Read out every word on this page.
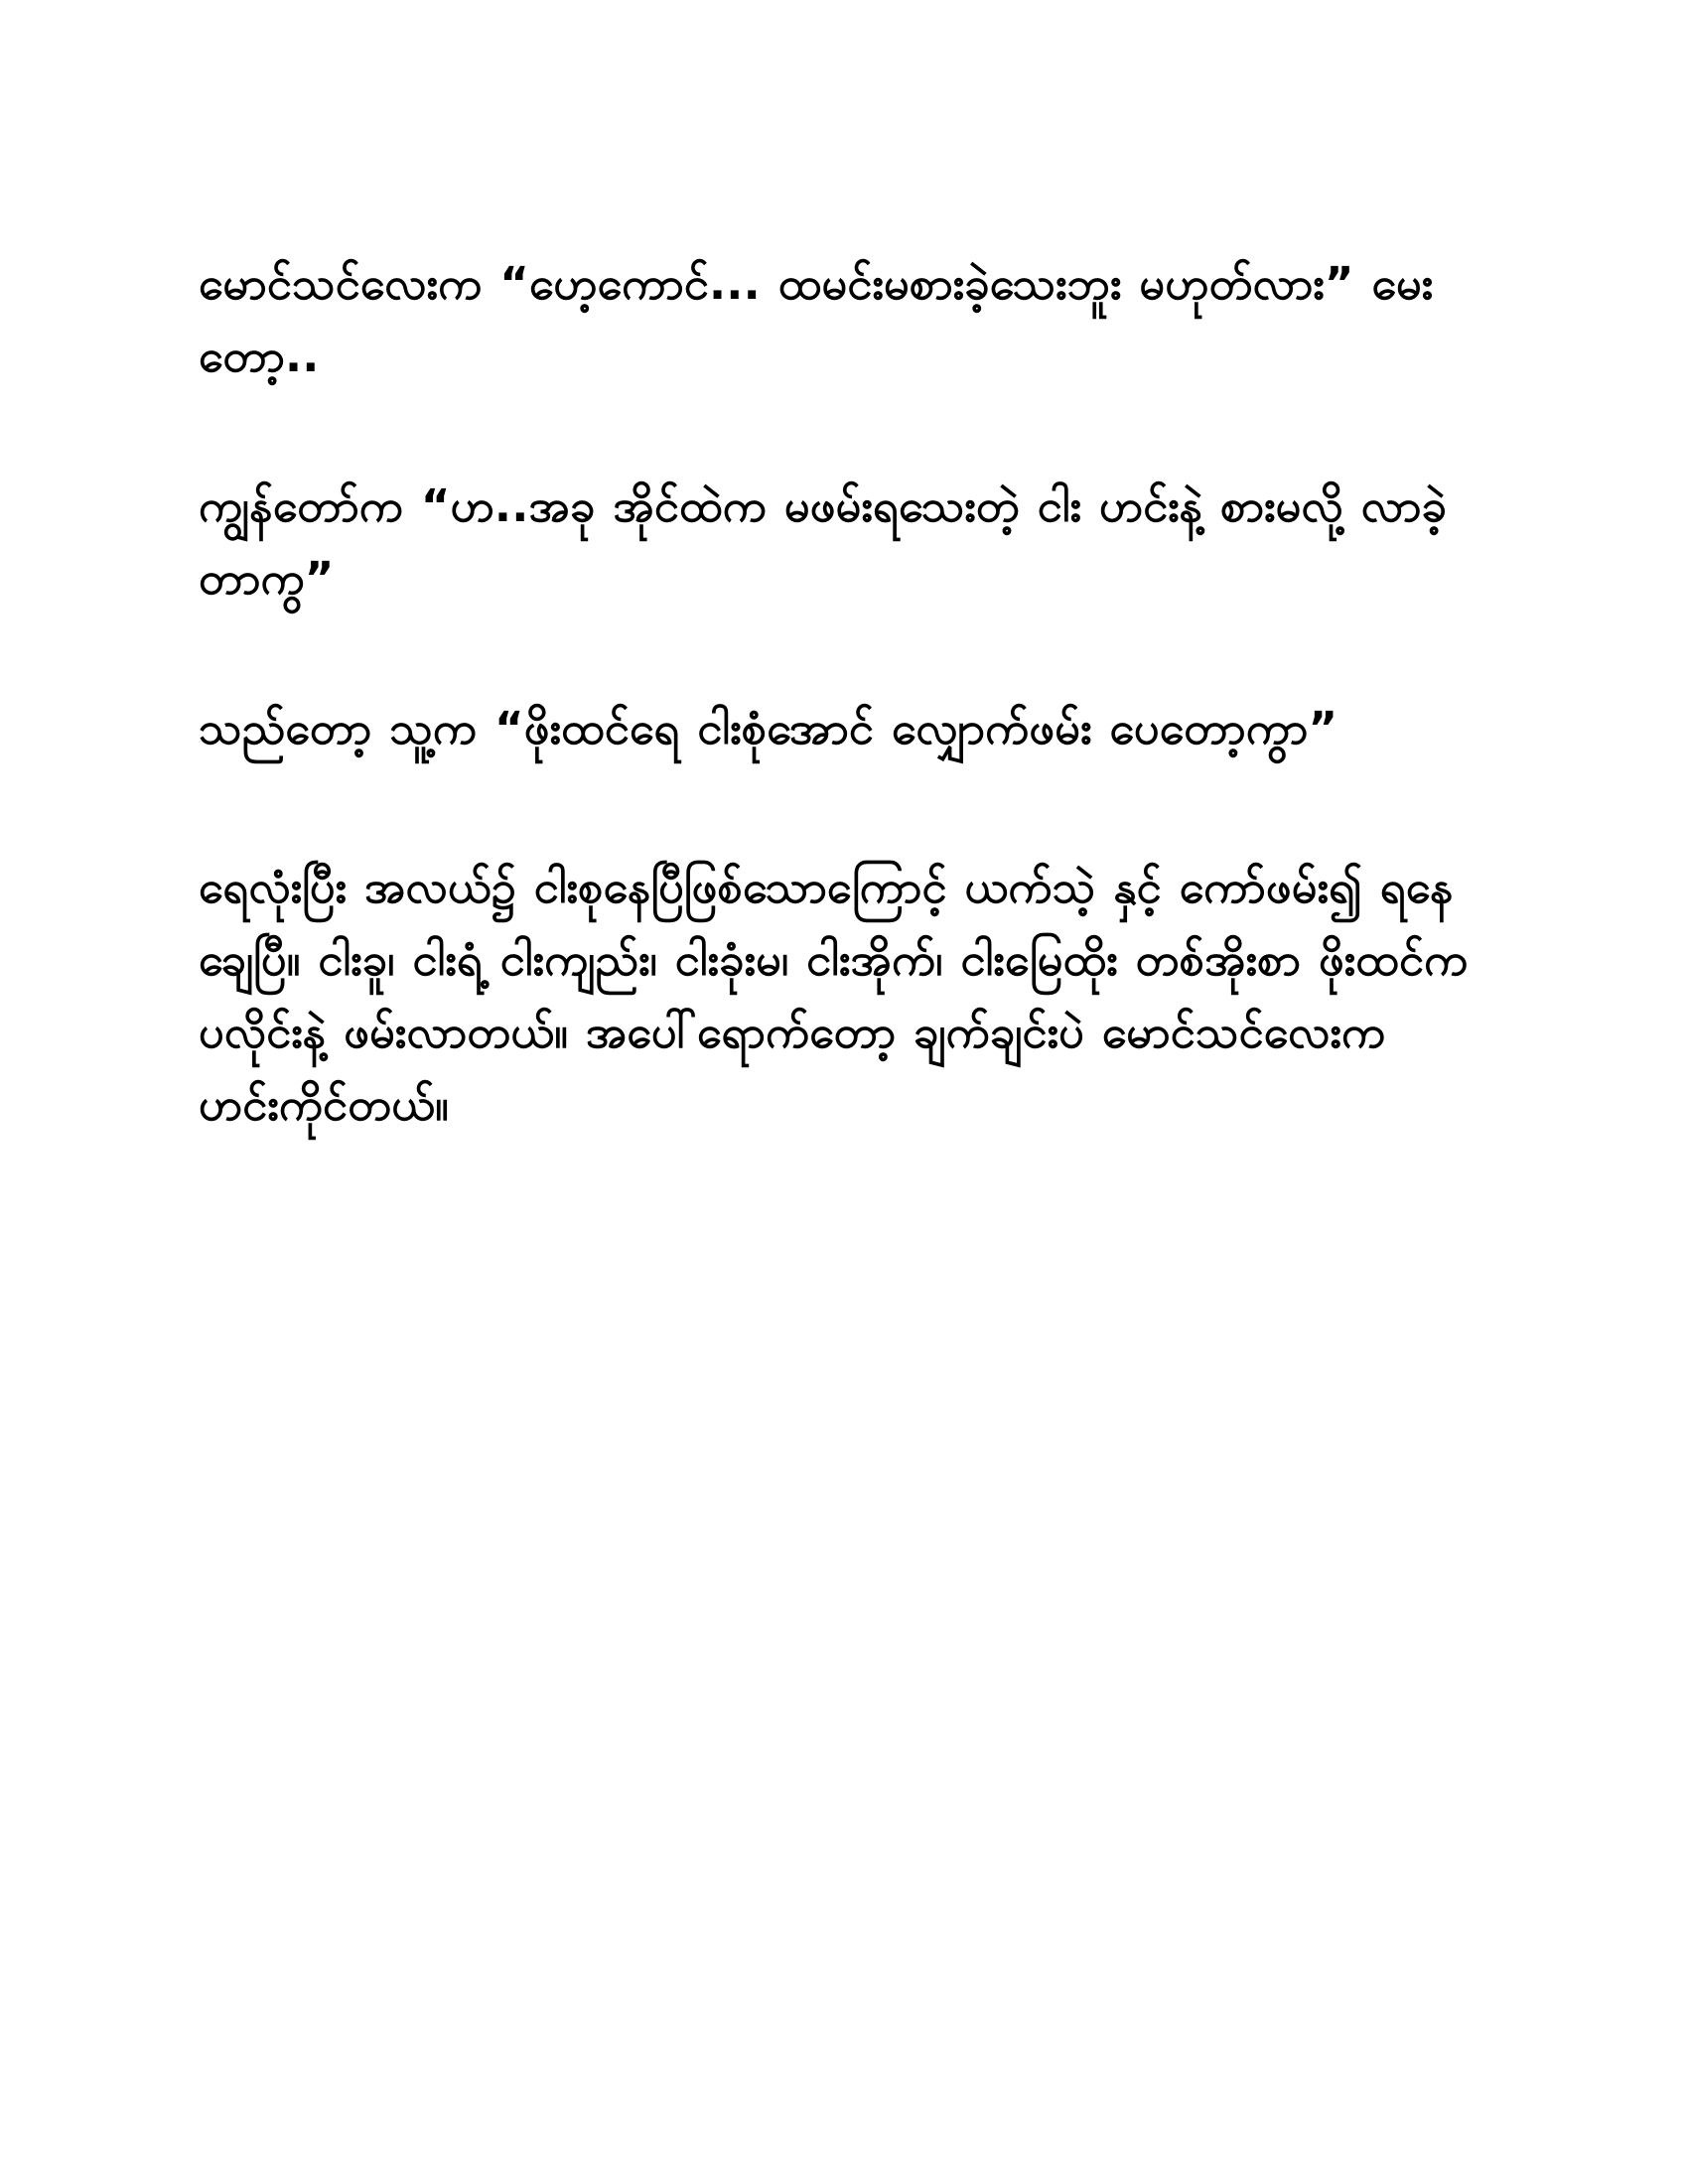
မောင်သင်လေးက “ဟေ့ကောင်... ထမင်းမစားခဲ့သေးဘူး မဟုတ်လား” မေးတော့..

ကျွန်တော်က “ဟ..အခု အိုင်ထဲက မဖမ်းရသေးတဲ့ ငါး ဟင်းနဲ့ စားမလို့ လာခဲ့တာကွ”

သည်တော့ သူ့က “ဖိုးထင်ရေ ငါးစုံအောင် လျှောက်ဖမ်း ပေတော့ကွာ”

ရေလုံးပြီး အလယ်၌ ငါးစုနေပြီဖြစ်သောကြောင့် ယက်သဲ့ နှင့် ကော်ဖမ်း၍ ရနေချေပြီ။ ငါးခူ၊ ငါးရံ့ ငါးကျည်း၊ ငါးခုံးမ၊ ငါးအိုက်၊ ငါးမြေထိုး တစ်အိုးစာ ဖိုးထင်က ပလိုင်းနဲ့ ဖမ်းလာတယ်။ အပေါ်ရောက်တော့ ချက်ချင်းပဲ မောင်သင်လေးက ဟင်းကိုင်တယ်။
